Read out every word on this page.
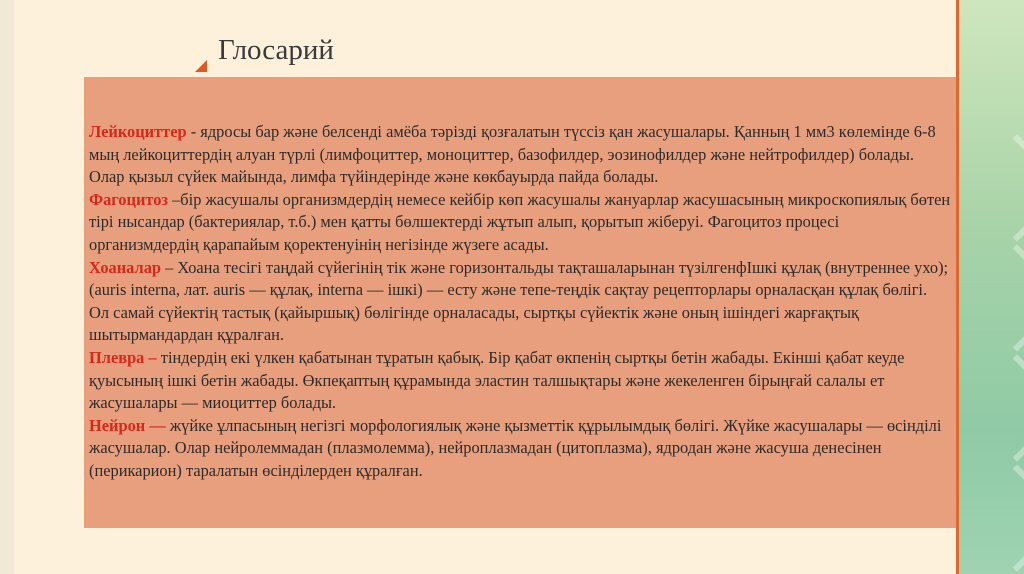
Глосарий

Лейкоциттер - ядросы бар және белсенді амёба тәрізді қозғалатын түссіз қан жасушалары. Қанның 1 мм3 көлемінде 6-8 мың лейкоциттердің алуан түрлі (лимфоциттер, моноциттер, базофилдер, эозинофилдер және нейтрофилдер) болады. Олар қызыл сүйек майында, лимфа түйіндерінде және көкбауырда пайда болады.

Фагоцитоз –бір жасушалы организмдердің немесе кейбір көп жасушалы жануарлар жасушасының микроскопиялық бөтен тірі нысандар (бактериялар, т.б.) мен қатты бөлшектерді жұтып алып, қорытып жіберуі. Фагоцитоз процесі организмдердің қарапайым қоректенуінің негізінде жүзеге асады.

Хоаналар – Хоана тесігі таңдай сүйегінің тік және горизонтальды тақташаларынан түзілгенфІшкі құлақ (внутреннее ухо); (auris interna, лат. auris — құлақ, interna — ішкі) — есту және тепе-теңдік сақтау рецепторлары орналасқан құлақ бөлігі. Ол самай сүйектің тастық (қайыршық) бөлігінде орналасады, сыртқы сүйектік және оның ішіндегі жарғақтық шытырмандардан құралған.

Плевра – тіндердің екі үлкен қабатынан тұратын қабық. Бір қабат өкпенің сыртқы бетін жабады. Екінші қабат кеуде қуысының ішкі бетін жабады. Өкпеқаптың құрамында эластин талшықтары және жекеленген бірыңғай салалы ет жасушалары — миоциттер болады.

Нейрон — жүйке ұлпасының негізгі морфологиялық және қызметтік құрылымдық бөлігі. Жүйке жасушалары — өсінділі жасушалар. Олар нейролеммадан (плазмолемма), нейроплазмадан (цитоплазма), ядродан және жасуша денесінен (перикарион) таралатын өсінділерден құралған.
